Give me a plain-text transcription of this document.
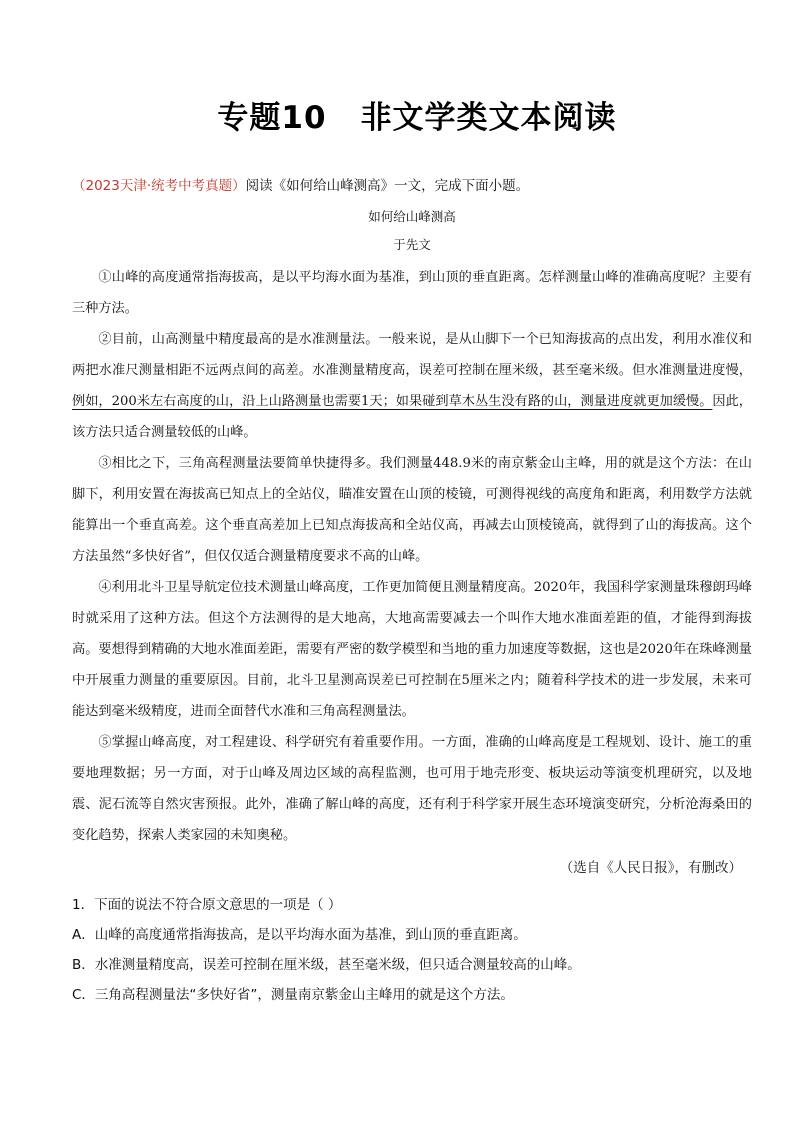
专题10 非文学类文本阅读
（2023天津·统考中考真题）阅读《如何给山峰测高》一文，完成下面小题。
如何给山峰测高
于先文

①山峰的高度通常指海拔高，是以平均海水面为基准，到山顶的垂直距离。怎样测量山峰的准确高度呢？主要有三种方法。

②目前，山高测量中精度最高的是水准测量法。一般来说，是从山脚下一个已知海拔高的点出发，利用水准仪和两把水准尺测量相距不远两点间的高差。水准测量精度高，误差可控制在厘米级，甚至毫米级。但水准测量进度慢，例如，200米左右高度的山，沿上山路测量也需要1天；如果碰到草木丛生没有路的山，测量进度就更加缓慢。因此，该方法只适合测量较低的山峰。

③相比之下，三角高程测量法要简单快捷得多。我们测量448.9米的南京紫金山主峰，用的就是这个方法：在山脚下，利用安置在海拔高已知点上的全站仪，瞄准安置在山顶的棱镜，可测得视线的高度角和距离，利用数学方法就能算出一个垂直高差。这个垂直高差加上已知点海拔高和全站仪高，再减去山顶棱镜高，就得到了山的海拔高。这个方法虽然“多快好省”，但仅仅适合测量精度要求不高的山峰。

④利用北斗卫星导航定位技术测量山峰高度，工作更加简便且测量精度高。2020年，我国科学家测量珠穆朗玛峰时就采用了这种方法。但这个方法测得的是大地高，大地高需要减去一个叫作大地水准面差距的值，才能得到海拔高。要想得到精确的大地水准面差距，需要有严密的数学模型和当地的重力加速度等数据，这也是2020年在珠峰测量中开展重力测量的重要原因。目前，北斗卫星测高误差已可控制在5厘米之内；随着科学技术的进一步发展，未来可能达到毫米级精度，进而全面替代水准和三角高程测量法。

⑤掌握山峰高度，对工程建设、科学研究有着重要作用。一方面，准确的山峰高度是工程规划、设计、施工的重要地理数据；另一方面，对于山峰及周边区域的高程监测，也可用于地壳形变、板块运动等演变机理研究，以及地震、泥石流等自然灾害预报。此外，准确了解山峰的高度，还有利于科学家开展生态环境演变研究，分析沧海桑田的变化趋势，探索人类家园的未知奥秘。

（选自《人民日报》，有删改）
1．下面的说法不符合原文意思的一项是（ ）
A．山峰的高度通常指海拔高，是以平均海水面为基准，到山顶的垂直距离。
B．水准测量精度高，误差可控制在厘米级，甚至毫米级，但只适合测量较高的山峰。
C．三角高程测量法“多快好省”，测量南京紫金山主峰用的就是这个方法。
